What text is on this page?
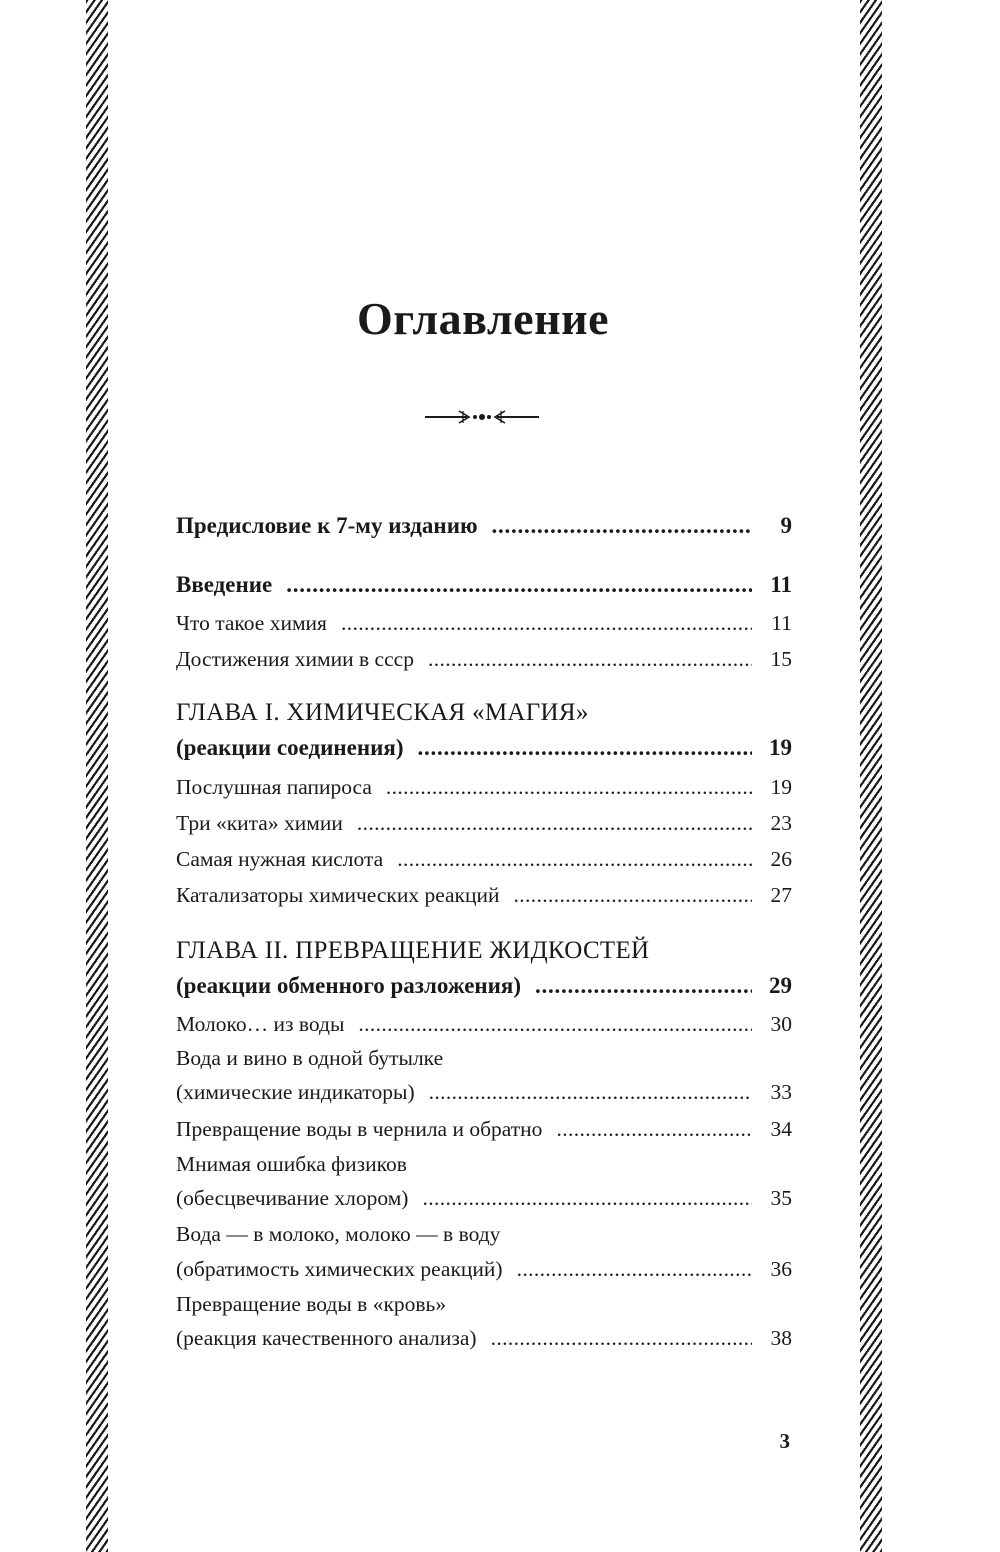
Оглавление
Предисловие к 7-му изданию . . .	9
Введение . . .	11
Что такое химия . . .	11
Достижения химии в ссср . . .	15
ГЛАВА I. ХИМИЧЕСКАЯ «МАГИЯ»
(реакции соединения) . . .	19
Послушная папироса . . .	19
Три «кита» химии . . .	23
Самая нужная кислота . . .	26
Катализаторы химических реакций . . .	27
ГЛАВА II. ПРЕВРАЩЕНИЕ ЖИДКОСТЕЙ
(реакции обменного разложения) . . .	29
Молоко… из воды . . .	30
Вода и вино в одной бутылке
(химические индикаторы) . . .	33
Превращение воды в чернила и обратно . . .	34
Мнимая ошибка физиков
(обесцвечивание хлором) . . .	35
Вода — в молоко, молоко — в воду
(обратимость химических реакций) . . .	36
Превращение воды в «кровь»
(реакция качественного анализа) . . .	38
3
